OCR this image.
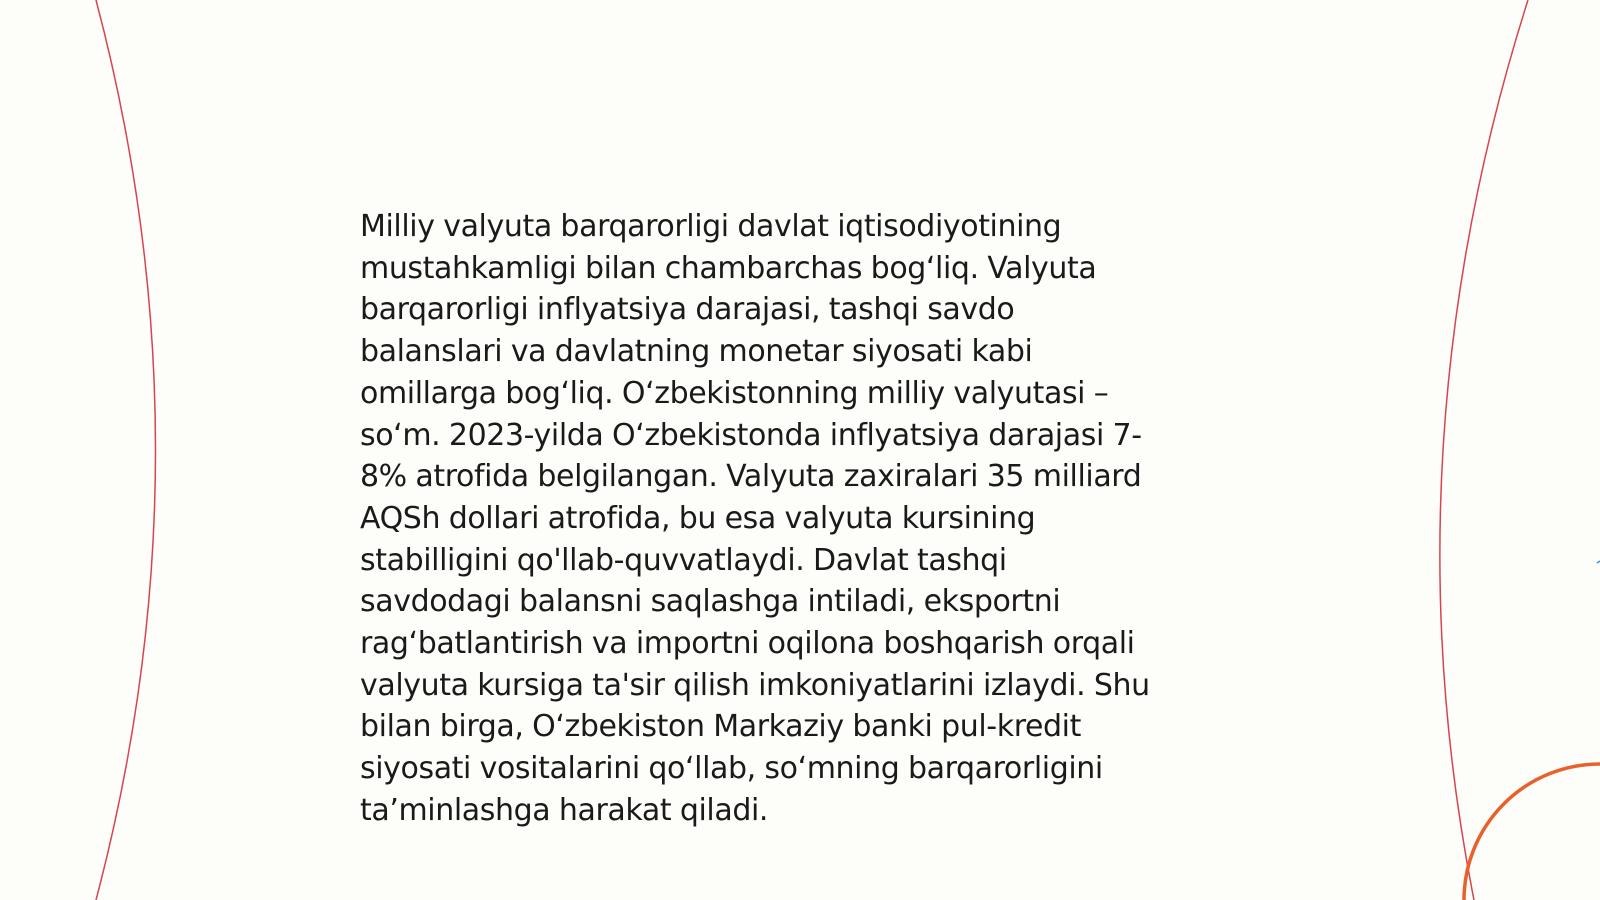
Milliy valyuta barqarorligi davlat iqtisodiyotining
mustahkamligi bilan chambarchas bog‘liq. Valyuta
barqarorligi inflyatsiya darajasi, tashqi savdo
balanslari va davlatning monetar siyosati kabi
omillarga bog‘liq. O‘zbekistonning milliy valyutasi –
so‘m. 2023-yilda O‘zbekistonda inflyatsiya darajasi 7-
8% atrofida belgilangan. Valyuta zaxiralari 35 milliard
AQSh dollari atrofida, bu esa valyuta kursining
stabilligini qo'llab-quvvatlaydi. Davlat tashqi
savdodagi balansni saqlashga intiladi, eksportni
rag‘batlantirish va importni oqilona boshqarish orqali
valyuta kursiga ta'sir qilish imkoniyatlarini izlaydi. Shu
bilan birga, O‘zbekiston Markaziy banki pul-kredit
siyosati vositalarini qo‘llab, so‘mning barqarorligini
ta’minlashga harakat qiladi.
